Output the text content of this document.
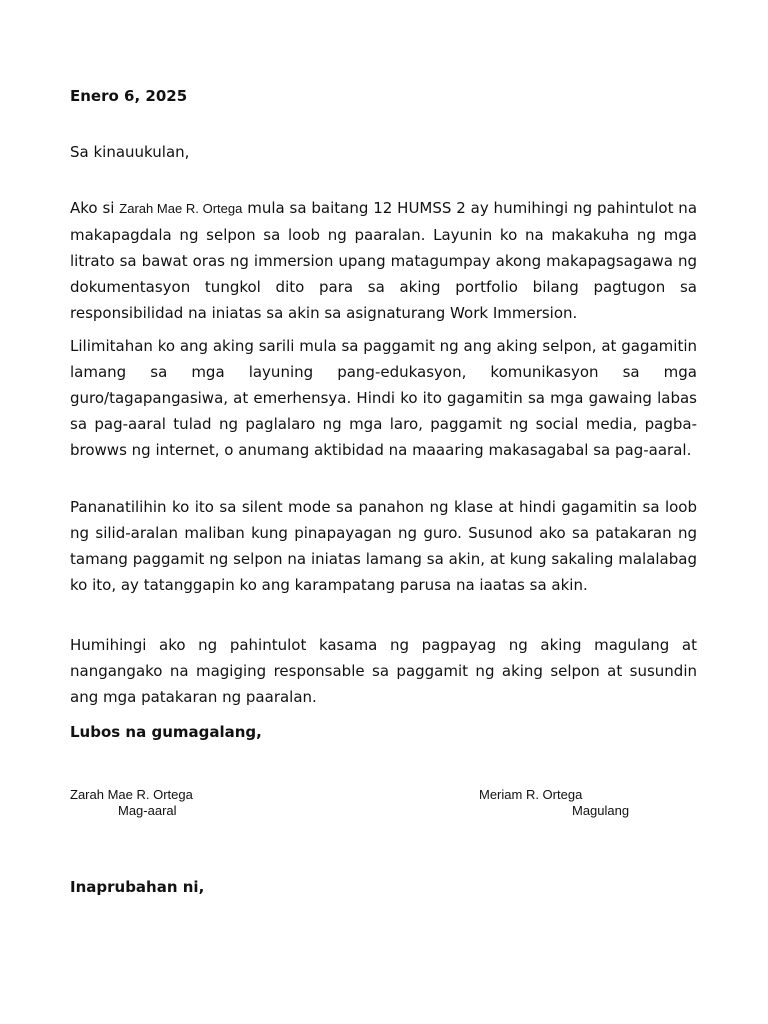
Enero 6, 2025
Sa kinauukulan,

Ako si Zarah Mae R. Ortega mula sa baitang 12 HUMSS 2 ay humihingi ng pahintulot na makapagdala ng selpon sa loob ng paaralan. Layunin ko na makakuha ng mga litrato sa bawat oras ng immersion upang matagumpay akong makapagsagawa ng dokumentasyon tungkol dito para sa aking portfolio bilang pagtugon sa responsibilidad na iniatas sa akin sa asignaturang Work Immersion.

Lilimitahan ko ang aking sarili mula sa paggamit ng ang aking selpon, at gagamitin lamang sa mga layuning pang-edukasyon, komunikasyon sa mga guro/tagapangasiwa, at emerhensya. Hindi ko ito gagamitin sa mga gawaing labas sa pag-aaral tulad ng paglalaro ng mga laro, paggamit ng social media, pagba-browws ng internet, o anumang aktibidad na maaaring makasagabal sa pag-aaral.

Pananatilihin ko ito sa silent mode sa panahon ng klase at hindi gagamitin sa loob ng silid-aralan maliban kung pinapayagan ng guro. Susunod ako sa patakaran ng tamang paggamit ng selpon na iniatas lamang sa akin, at kung sakaling malalabag ko ito, ay tatanggapin ko ang karampatang parusa na iaatas sa akin.

Humihingi ako ng pahintulot kasama ng pagpayag ng aking magulang at nangangako na magiging responsable sa paggamit ng aking selpon at susundin ang mga patakaran ng paaralan.

Lubos na gumagalang,
Zarah Mae R. Ortega
Mag-aaral
Meriam R. Ortega
Magulang
Inaprubahan ni,
